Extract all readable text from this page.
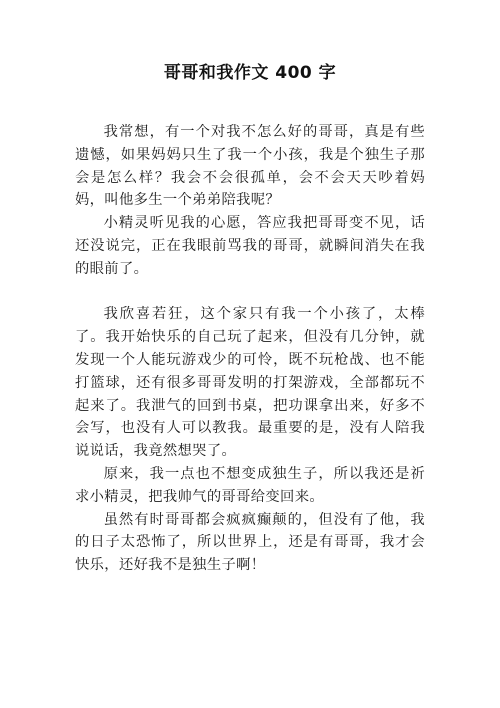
哥哥和我作文 400 字

我常想，有一个对我不怎么好的哥哥，真是有些遗憾，如果妈妈只生了我一个小孩，我是个独生子那会是怎么样？我会不会很孤单，会不会天天吵着妈妈，叫他多生一个弟弟陪我呢？

小精灵听见我的心愿，答应我把哥哥变不见，话还没说完，正在我眼前骂我的哥哥，就瞬间消失在我的眼前了。

我欣喜若狂，这个家只有我一个小孩了，太棒了。我开始快乐的自己玩了起来，但没有几分钟，就发现一个人能玩游戏少的可怜，既不玩枪战、也不能打篮球，还有很多哥哥发明的打架游戏，全部都玩不起来了。我泄气的回到书桌，把功课拿出来，好多不会写，也没有人可以教我。最重要的是，没有人陪我说说话，我竟然想哭了。

原来，我一点也不想变成独生子，所以我还是祈求小精灵，把我帅气的哥哥给变回来。

虽然有时哥哥都会疯疯癫颠的，但没有了他，我的日子太恐怖了，所以世界上，还是有哥哥，我才会快乐，还好我不是独生子啊！
